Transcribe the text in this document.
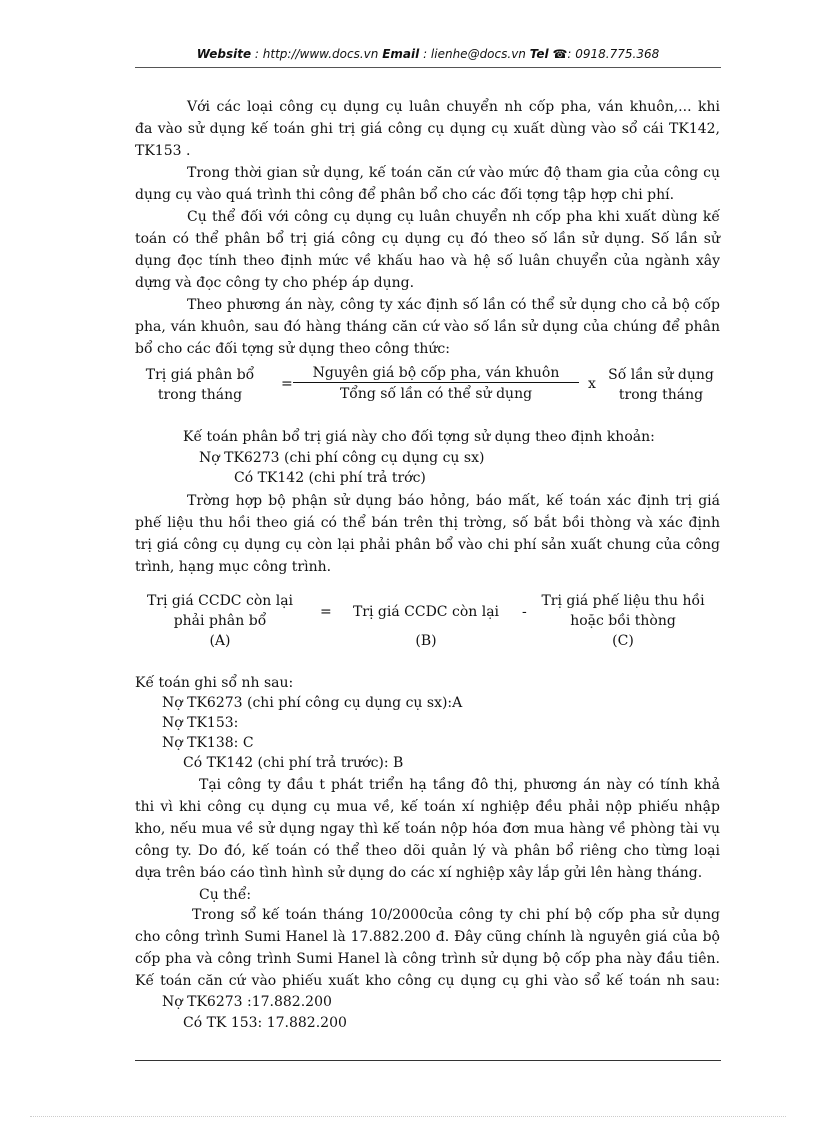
Website : http://www.docs.vn Email : lienhe@docs.vn Tel ☎: 0918.775.368
Với các loại công cụ dụng cụ luân chuyển nh cốp pha, ván khuôn,... khi
đa vào sử dụng kế toán ghi trị giá công cụ dụng cụ xuất dùng vào sổ cái TK142,
TK153 .
Trong thời gian sử dụng, kế toán căn cứ vào mức độ tham gia của công cụ
dụng cụ vào quá trình thi công để phân bổ cho các đối tợng tập hợp chi phí.
Cụ thể đối với công cụ dụng cụ luân chuyển nh cốp pha khi xuất dùng kế
toán có thể phân bổ trị giá công cụ dụng cụ đó theo số lần sử dụng. Số lần sử
dụng đọc tính theo định mức về khấu hao và hệ số luân chuyển của ngành xây
dựng và đọc công ty cho phép áp dụng.
Theo phương án này, công ty xác định số lần có thể sử dụng cho cả bộ cốp
pha, ván khuôn, sau đó hàng tháng căn cứ vào số lần sử dụng của chúng để phân
bổ cho các đối tợng sử dụng theo công thức:
Trị giá phân bổ
trong tháng
=
Nguyên giá bộ cốp pha, ván khuôn
Tổng số lần có thể sử dụng
x
Số lần sử dụng
trong tháng
Kế toán phân bổ trị giá này cho đối tợng sử dụng theo định khoản:
Nợ TK6273 (chi phí công cụ dụng cụ sx)
Có TK142 (chi phí trả trớc)
Trờng hợp bộ phận sử dụng báo hỏng, báo mất, kế toán xác định trị giá
phế liệu thu hồi theo giá có thể bán trên thị trờng, số bắt bồi thòng và xác định
trị giá công cụ dụng cụ còn lại phải phân bổ vào chi phí sản xuất chung của công
trình, hạng mục công trình.
Trị giá CCDC còn lại
phải phân bổ
(A)
=	Trị giá CCDC còn lại
(B)
-
Trị giá phế liệu thu hồi
hoặc bồi thòng
(C)
Kế toán ghi sổ nh sau:
Nợ TK6273 (chi phí công cụ dụng cụ sx):A
Nợ TK153:
Nợ TK138: C
Có TK142 (chi phí trả trước): B
Tại công ty đầu t phát triển hạ tầng đô thị, phương án này có tính khả
thi vì khi công cụ dụng cụ mua về, kế toán xí nghiệp đều phải nộp phiếu nhập
kho, nếu mua về sử dụng ngay thì kế toán nộp hóa đơn mua hàng về phòng tài vụ
công ty. Do đó, kế toán có thể theo dõi quản lý và phân bổ riêng cho từng loại
dựa trên báo cáo tình hình sử dụng do các xí nghiệp xây lắp gửi lên hàng tháng.
Cụ thể:
Trong sổ kế toán tháng 10/2000của công ty chi phí bộ cốp pha sử dụng
cho công trình Sumi Hanel là 17.882.200 đ. Đây cũng chính là nguyên giá của bộ
cốp pha và công trình Sumi Hanel là công trình sử dụng bộ cốp pha này đầu tiên.
Kế toán căn cứ vào phiếu xuất kho công cụ dụng cụ ghi vào sổ kế toán nh sau:
Nợ TK6273 :17.882.200
Có TK 153: 17.882.200
